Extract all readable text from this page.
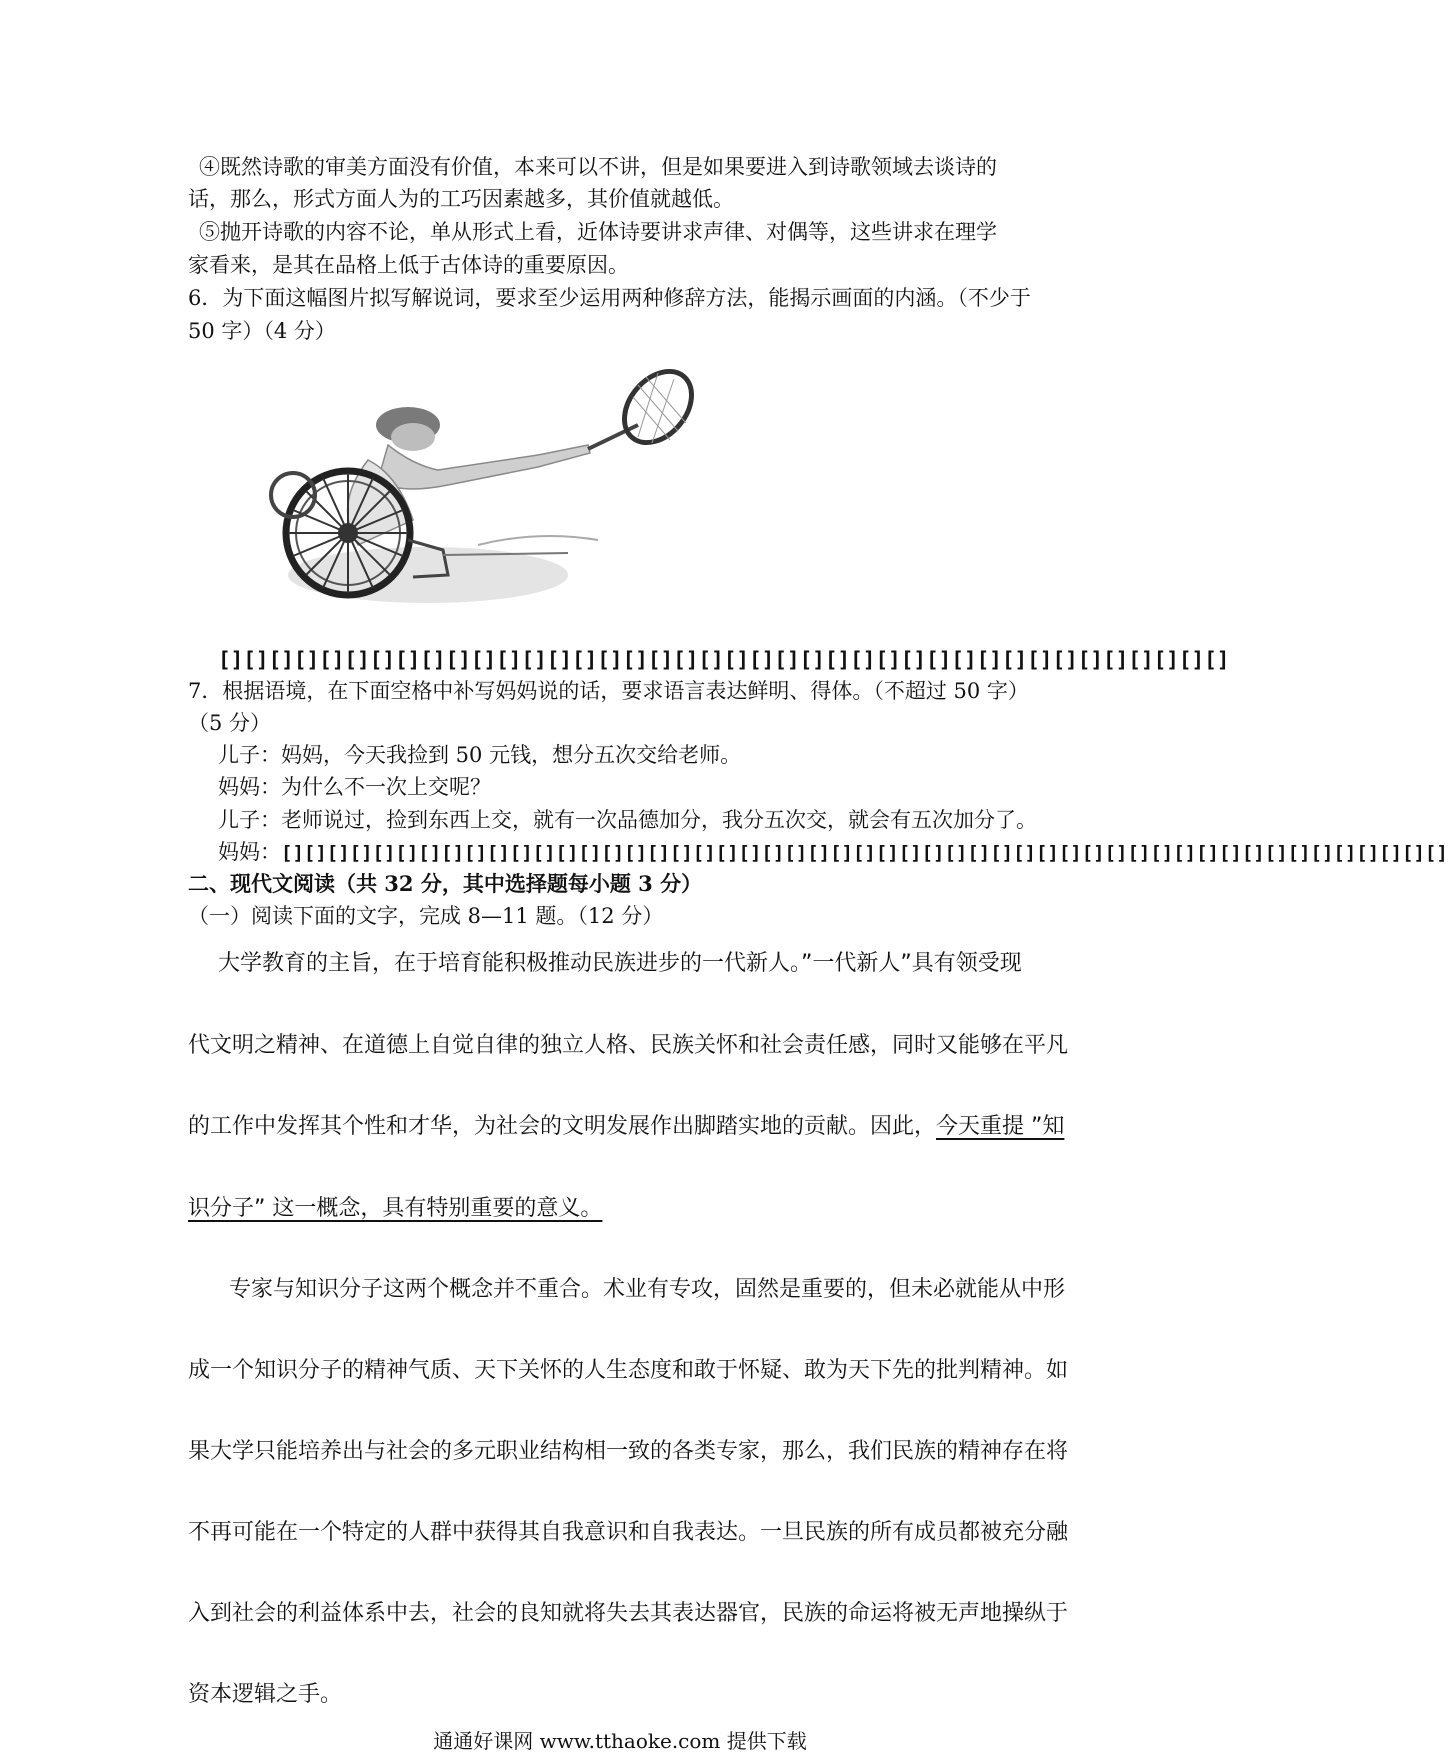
④既然诗歌的审美方面没有价值，本来可以不讲，但是如果要进入到诗歌领域去谈诗的
话，那么，形式方面人为的工巧因素越多，其价值就越低。
⑤抛开诗歌的内容不论，单从形式上看，近体诗要讲求声律、对偶等，这些讲求在理学
家看来，是其在品格上低于古体诗的重要原因。
6．为下面这幅图片拟写解说词，要求至少运用两种修辞方法，能揭示画面的内涵。（不少于
50 字）（4 分）
[][][][][][][][][][][][][][][][][][][][][][][][][][][][][][][][][][][][][][][][]
7．根据语境，在下面空格中补写妈妈说的话，要求语言表达鲜明、得体。（不超过 50 字）
（5 分）
儿子：妈妈，今天我捡到 50 元钱，想分五次交给老师。
妈妈：为什么不一次上交呢？
儿子：老师说过，捡到东西上交，就有一次品德加分，我分五次交，就会有五次加分了。
妈妈：[][][][][][][][][][][][][][][][][][][][][][][][][][][][][][][][][][][][][][][][][][][][][][][][][][][]
二、现代文阅读（共 32 分，其中选择题每小题 3 分）
（一）阅读下面的文字，完成 8—11 题。（12 分）
大学教育的主旨，在于培育能积极推动民族进步的一代新人。”一代新人”具有领受现
代文明之精神、在道德上自觉自律的独立人格、民族关怀和社会责任感，同时又能够在平凡
的工作中发挥其个性和才华，为社会的文明发展作出脚踏实地的贡献。因此，今天重提 ”知
识分子” 这一概念，具有特别重要的意义。
专家与知识分子这两个概念并不重合。术业有专攻，固然是重要的，但未必就能从中形
成一个知识分子的精神气质、天下关怀的人生态度和敢于怀疑、敢为天下先的批判精神。如
果大学只能培养出与社会的多元职业结构相一致的各类专家，那么，我们民族的精神存在将
不再可能在一个特定的人群中获得其自我意识和自我表达。一旦民族的所有成员都被充分融
入到社会的利益体系中去，社会的良知就将失去其表达器官，民族的命运将被无声地操纵于
资本逻辑之手。
通通好课网 www.tthaoke.com 提供下载
